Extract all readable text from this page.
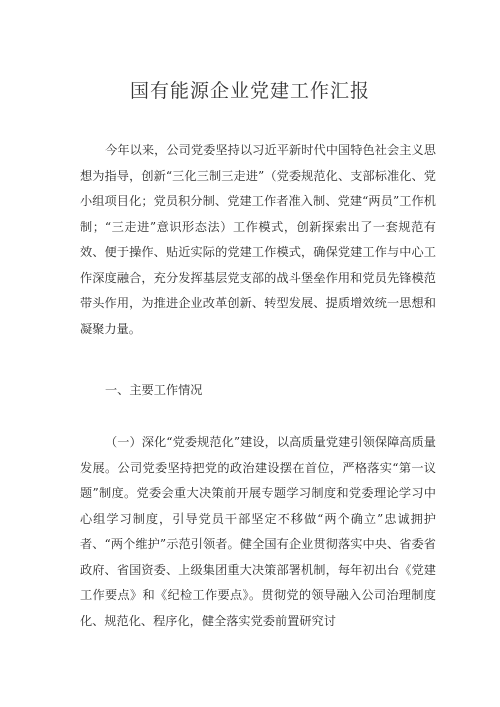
国有能源企业党建工作汇报

今年以来，公司党委坚持以习近平新时代中国特色社会主义思想为指导，创新“三化三制三走进”（党委规范化、支部标准化、党小组项目化；党员积分制、党建工作者准入制、党建“两员”工作机制；“三走进”意识形态法）工作模式，创新探索出了一套规范有效、便于操作、贴近实际的党建工作模式，确保党建工作与中心工作深度融合，充分发挥基层党支部的战斗堡垒作用和党员先锋模范带头作用，为推进企业改革创新、转型发展、提质增效统一思想和凝聚力量。

一、主要工作情况

（一）深化“党委规范化”建设，以高质量党建引领保障高质量发展。公司党委坚持把党的政治建设摆在首位，严格落实“第一议题”制度。党委会重大决策前开展专题学习制度和党委理论学习中心组学习制度，引导党员干部坚定不移做“两个确立”忠诚拥护者、“两个维护”示范引领者。健全国有企业贯彻落实中央、省委省政府、省国资委、上级集团重大决策部署机制，每年初出台《党建工作要点》和《纪检工作要点》。贯彻党的领导融入公司治理制度化、规范化、程序化，健全落实党委前置研究讨
